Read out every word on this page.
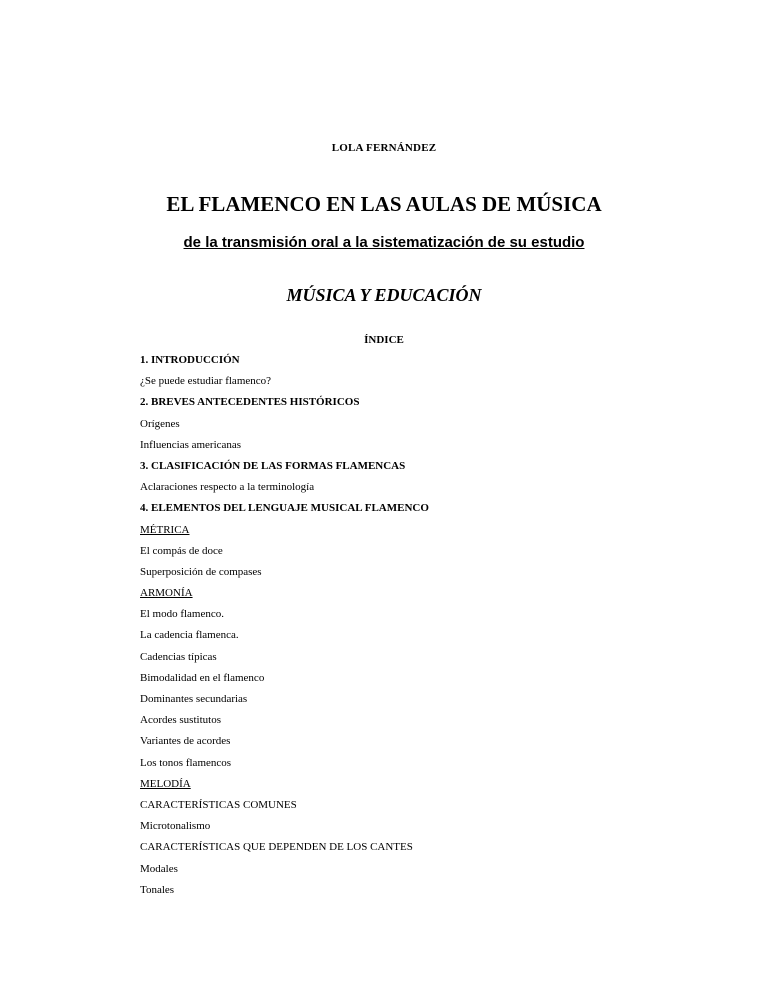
LOLA FERNÁNDEZ
EL FLAMENCO EN LAS AULAS DE MÚSICA
de la transmisión oral a la sistematización de su estudio
MÚSICA Y EDUCACIÓN
ÍNDICE
1. INTRODUCCIÓN
¿Se puede estudiar flamenco?
2. BREVES ANTECEDENTES HISTÓRICOS
Orígenes
Influencias americanas
3. CLASIFICACIÓN DE LAS FORMAS FLAMENCAS
Aclaraciones respecto a la terminología
4. ELEMENTOS DEL LENGUAJE MUSICAL FLAMENCO
MÉTRICA
El compás de doce
Superposición de compases
ARMONÍA
El modo flamenco.
La cadencia flamenca.
Cadencias típicas
Bimodalidad en el flamenco
Dominantes secundarias
Acordes sustitutos
Variantes de acordes
Los tonos flamencos
MELODÍA
CARACTERÍSTICAS COMUNES
Microtonalismo
CARACTERÍSTICAS QUE DEPENDEN DE LOS CANTES
Modales
Tonales
